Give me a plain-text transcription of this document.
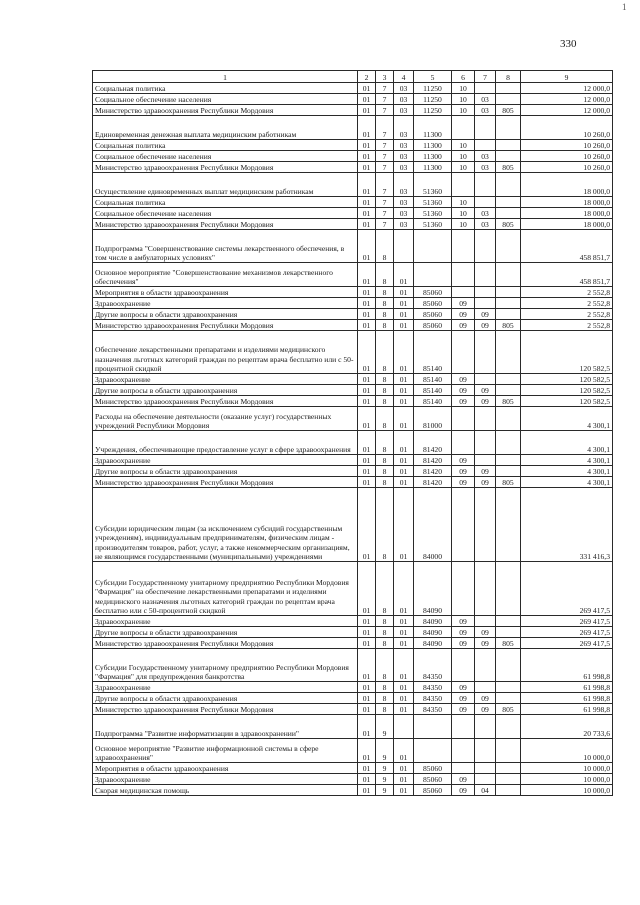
330
1
1	2	3	4	5	6	7	8	9
Социальная политика	01	7	03	11250	10			12 000,0
Социальное обеспечение населения	01	7	03	11250	10	03		12 000,0
Министерство здравоохранения Республики Мордовия	01	7	03	11250	10	03	805	12 000,0
Единовременная денежная выплата медицинским работникам	01	7	03	11300				10 260,0
Социальная политика	01	7	03	11300	10			10 260,0
Социальное обеспечение населения	01	7	03	11300	10	03		10 260,0
Министерство здравоохранения Республики Мордовия	01	7	03	11300	10	03	805	10 260,0
Осуществление единовременных выплат медицинским работникам	01	7	03	51360				18 000,0
Социальная политика	01	7	03	51360	10			18 000,0
Социальное обеспечение населения	01	7	03	51360	10	03		18 000,0
Министерство здравоохранения Республики Мордовия	01	7	03	51360	10	03	805	18 000,0
Подпрограмма "Совершенствование системы лекарственного обеспечения, в том числе в амбулаторных условиях"	01	8						458 851,7
Основное мероприятие "Совершенствование механизмов лекарственного обеспечения"	01	8	01					458 851,7
Мероприятия в области здравоохранения	01	8	01	85060				2 552,8
Здравоохранение	01	8	01	85060	09			2 552,8
Другие вопросы в области здравоохранения	01	8	01	85060	09	09		2 552,8
Министерство здравоохранения Республики Мордовия	01	8	01	85060	09	09	805	2 552,8
Обеспечение лекарственными препаратами и изделиями медицинского назначения льготных категорий граждан по рецептам врача бесплатно или с 50-процентной скидкой	01	8	01	85140				120 582,5
Здравоохранение	01	8	01	85140	09			120 582,5
Другие вопросы в области здравоохранения	01	8	01	85140	09	09		120 582,5
Министерство здравоохранения Республики Мордовия	01	8	01	85140	09	09	805	120 582,5
Расходы на обеспечение деятельности (оказание услуг) государственных учреждений Республики Мордовия	01	8	01	81000				4 300,1
Учреждения, обеспечивающие предоставление услуг в сфере здравоохранения	01	8	01	81420				4 300,1
Здравоохранение	01	8	01	81420	09			4 300,1
Другие вопросы в области здравоохранения	01	8	01	81420	09	09		4 300,1
Министерство здравоохранения Республики Мордовия	01	8	01	81420	09	09	805	4 300,1
Субсидии юридическим лицам (за исключением субсидий государственным учреждениям), индивидуальным предпринимателям, физическим лицам - производителям товаров, работ, услуг, а также некоммерческим организациям, не являющимся государственными (муниципальными) учреждениями	01	8	01	84000				331 416,3
Субсидии Государственному унитарному предприятию Республики Мордовия "Фармация" на обеспечение лекарственными препаратами и изделиями медицинского назначения льготных категорий граждан по рецептам врача бесплатно или с 50-процентной скидкой	01	8	01	84090				269 417,5
Здравоохранение	01	8	01	84090	09			269 417,5
Другие вопросы в области здравоохранения	01	8	01	84090	09	09		269 417,5
Министерство здравоохранения Республики Мордовия	01	8	01	84090	09	09	805	269 417,5
Субсидии Государственному унитарному предприятию Республики Мордовия "Фармация" для предупреждения банкротства	01	8	01	84350				61 998,8
Здравоохранение	01	8	01	84350	09			61 998,8
Другие вопросы в области здравоохранения	01	8	01	84350	09	09		61 998,8
Министерство здравоохранения Республики Мордовия	01	8	01	84350	09	09	805	61 998,8
Подпрограмма "Развитие информатизации в здравоохранении"	01	9						20 733,6
Основное мероприятие "Развитие информационной системы в сфере здравоохранения"	01	9	01					10 000,0
Мероприятия в области здравоохранения	01	9	01	85060				10 000,0
Здравоохранение	01	9	01	85060	09			10 000,0
Скорая медицинская помощь	01	9	01	85060	09	04		10 000,0
